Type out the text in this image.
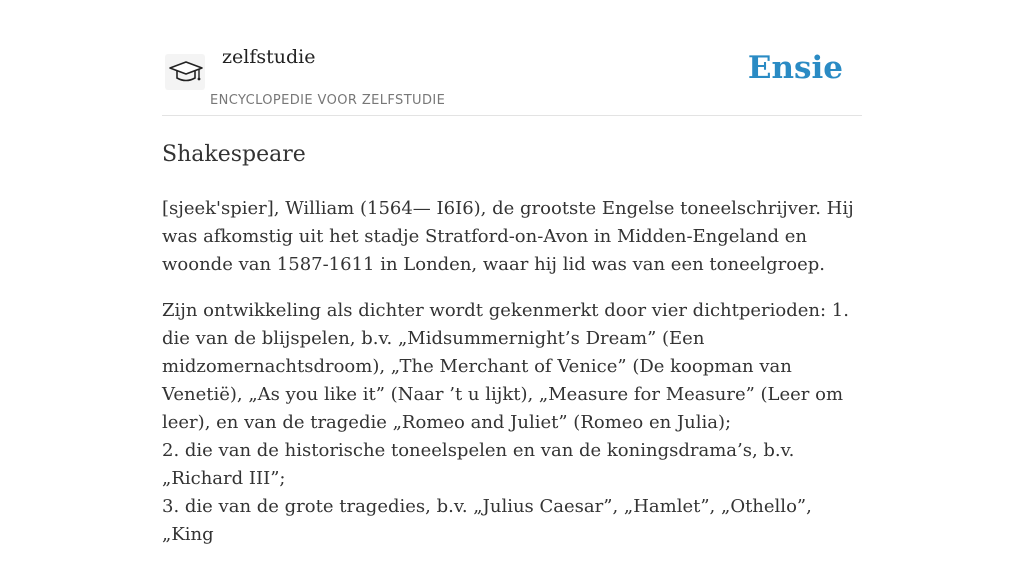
zelfstudie
ENCYCLOPEDIE VOOR ZELFSTUDIE
Ensie
Shakespeare

[sjeek'spier], William (1564— I6I6), de grootste Engelse toneelschrijver. Hij was afkomstig uit het stadje Stratford-on-Avon in Midden-Engeland en woonde van 1587-1611 in Londen, waar hij lid was van een toneelgroep.

Zijn ontwikkeling als dichter wordt gekenmerkt door vier dichtperioden: 1. die van de blijspelen, b.v. „Midsummernight’s Dream” (Een midzomernachtsdroom), „The Merchant of Venice” (De koopman van Venetië), „As you like it” (Naar ’t u lijkt), „Measure for Measure” (Leer om leer), en van de tragedie „Romeo and Juliet” (Romeo en Julia);
2. die van de historische toneelspelen en van de koningsdrama’s, b.v. „Richard III”;
3. die van de grote tragedies, b.v. „Julius Caesar”, „Hamlet”, „Othello”, „King
